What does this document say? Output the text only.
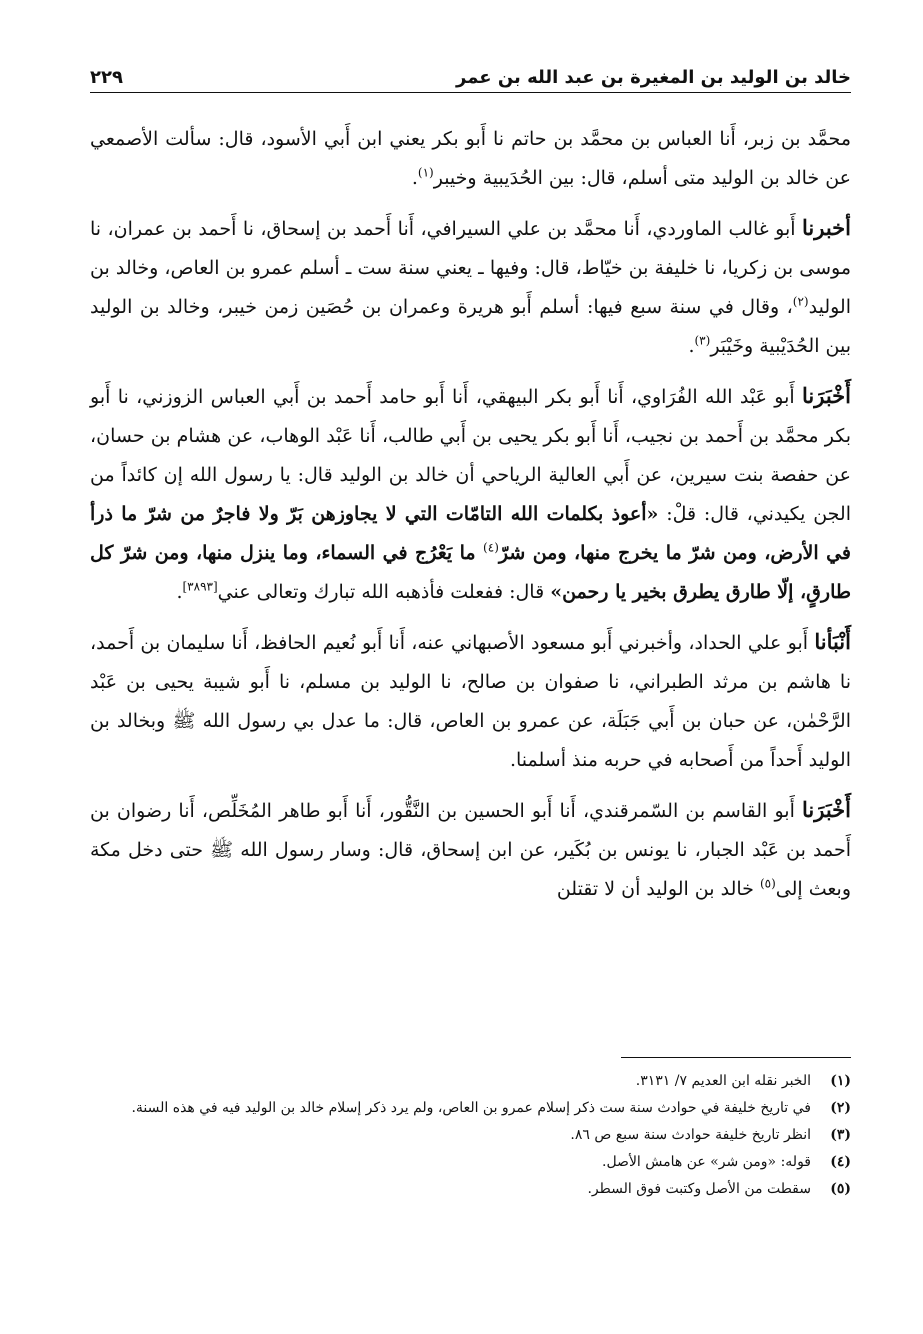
خالد بن الوليد بن المغيرة بن عبد الله بن عمر
٢٢٩

محمَّد بن زبر، أَنا العباس بن محمَّد بن حاتم نا أَبو بكر يعني ابن أَبي الأسود، قال: سألت الأصمعي عن خالد بن الوليد متى أسلم، قال: بين الحُدَيبية وخيبر$^{(١)}$.

أخبرنا أَبو غالب الماوردي، أَنا محمَّد بن علي السيرافي، أَنا أَحمد بن إسحاق، نا أَحمد بن عمران، نا موسى بن زكريا، نا خليفة بن خيّاط، قال: وفيها ـ يعني سنة ست ـ أسلم عمرو بن العاص، وخالد بن الوليد$^{(٢)}$، وقال في سنة سبع فيها: أسلم أَبو هريرة وعمران بن حُصَين زمن خيبر، وخالد بن الوليد بين الحُدَيْبية وخَيْبَر$^{(٣)}$.

أَخْبَرَنا أَبو عَبْد الله الفُرَاوي، أَنا أَبو بكر البيهقي، أَنا أَبو حامد أَحمد بن أَبي العباس الزوزني، نا أَبو بكر محمَّد بن أَحمد بن نجيب، أَنا أَبو بكر يحيى بن أَبي طالب، أَنا عَبْد الوهاب، عن هشام بن حسان، عن حفصة بنت سيرين، عن أَبي العالية الرياحي أن خالد بن الوليد قال: يا رسول الله إن كائداً من الجن يكيدني، قال: قلْ: «أعوذ بكلمات الله التامّات التي لا يجاوزهن بَرّ ولا فاجرٌ من شرّ ما ذرأ في الأرض، ومن شرّ ما يخرج منها، ومن شرّ$^{(٤)}$ ما يَعْرُج في السماء، وما ينزل منها، ومن شرّ كل طارقٍ، إلّا طارق يطرق بخير يا رحمن» قال: ففعلت فأذهبه الله تبارك وتعالى عني[٣٨٩٣].

أَنْبَأنا أَبو علي الحداد، وأخبرني أَبو مسعود الأصبهاني عنه، أَنا أَبو نُعيم الحافظ، أَنا سليمان بن أَحمد، نا هاشم بن مرثد الطبراني، نا صفوان بن صالح، نا الوليد بن مسلم، نا أَبو شيبة يحيى بن عَبْد الرَّحْمٰن، عن حبان بن أَبي جَبَلَة، عن عمرو بن العاص، قال: ما عدل بي رسول الله ﷺ وبخالد بن الوليد أَحداً من أَصحابه في حربه منذ أسلمنا.

أَخْبَرَنا أَبو القاسم بن السّمرقندي، أَنا أَبو الحسين بن النَّقُّور، أَنا أَبو طاهر المُخَلِّص، أَنا رضوان بن أَحمد بن عَبْد الجبار، نا يونس بن بُكَير، عن ابن إسحاق، قال: وسار رسول الله ﷺ حتى دخل مكة وبعث إلى$^{(٥)}$ خالد بن الوليد أن لا تقتلن

(١)
الخبر نقله ابن العديم ٧/ ٣١٣١.

(٢)
في تاريخ خليفة في حوادث سنة ست ذكر إسلام عمرو بن العاص، ولم يرد ذكر إسلام خالد بن الوليد فيه في هذه السنة.

(٣)
انظر تاريخ خليفة حوادث سنة سبع ص ٨٦.

(٤)
قوله: «ومن شر» عن هامش الأصل.

(٥)
سقطت من الأصل وكتبت فوق السطر.
